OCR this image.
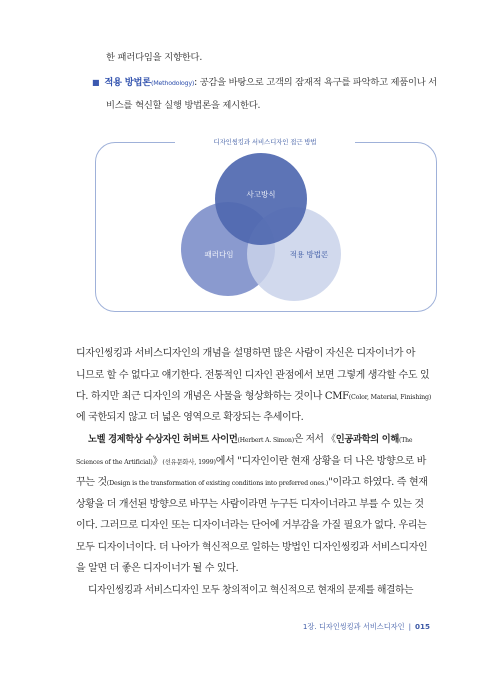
한 패러다임을 지향한다.
■ 적용 방법론(Methodology): 공감을 바탕으로 고객의 잠재적 욕구를 파악하고 제품이나 서
비스를 혁신할 실행 방법론을 제시한다.
디자인씽킹과 서비스디자인 접근 방법
사고방식
패러다임	적용 방법론
디자인씽킹과 서비스디자인의 개념을 설명하면 많은 사람이 자신은 디자이너가 아
니므로 할 수 없다고 얘기한다. 전통적인 디자인 관점에서 보면 그렇게 생각할 수도 있
다. 하지만 최근 디자인의 개념은 사물을 형상화하는 것이나 CMF(Color, Material, Finishing)
에 국한되지 않고 더 넓은 영역으로 확장되는 추세이다.
노벨 경제학상 수상자인 허버트 사이먼(Herbert A. Simon)은 저서 《인공과학의 이해(The
Sciences of the Artificial)》(선유문화사, 1999)에서 "디자인이란 현재 상황을 더 나은 방향으로 바
꾸는 것(Design is the transformation of existing conditions into preferred ones.)"이라고 하였다. 즉 현재
상황을 더 개선된 방향으로 바꾸는 사람이라면 누구든 디자이너라고 부를 수 있는 것
이다. 그러므로 디자인 또는 디자이너라는 단어에 거부감을 가질 필요가 없다. 우리는
모두 디자이너이다. 더 나아가 혁신적으로 일하는 방법인 디자인씽킹과 서비스디자인
을 알면 더 좋은 디자이너가 될 수 있다.
디자인씽킹과 서비스디자인 모두 창의적이고 혁신적으로 현재의 문제를 해결하는
1장. 디자인씽킹과 서비스디자인 | 015
